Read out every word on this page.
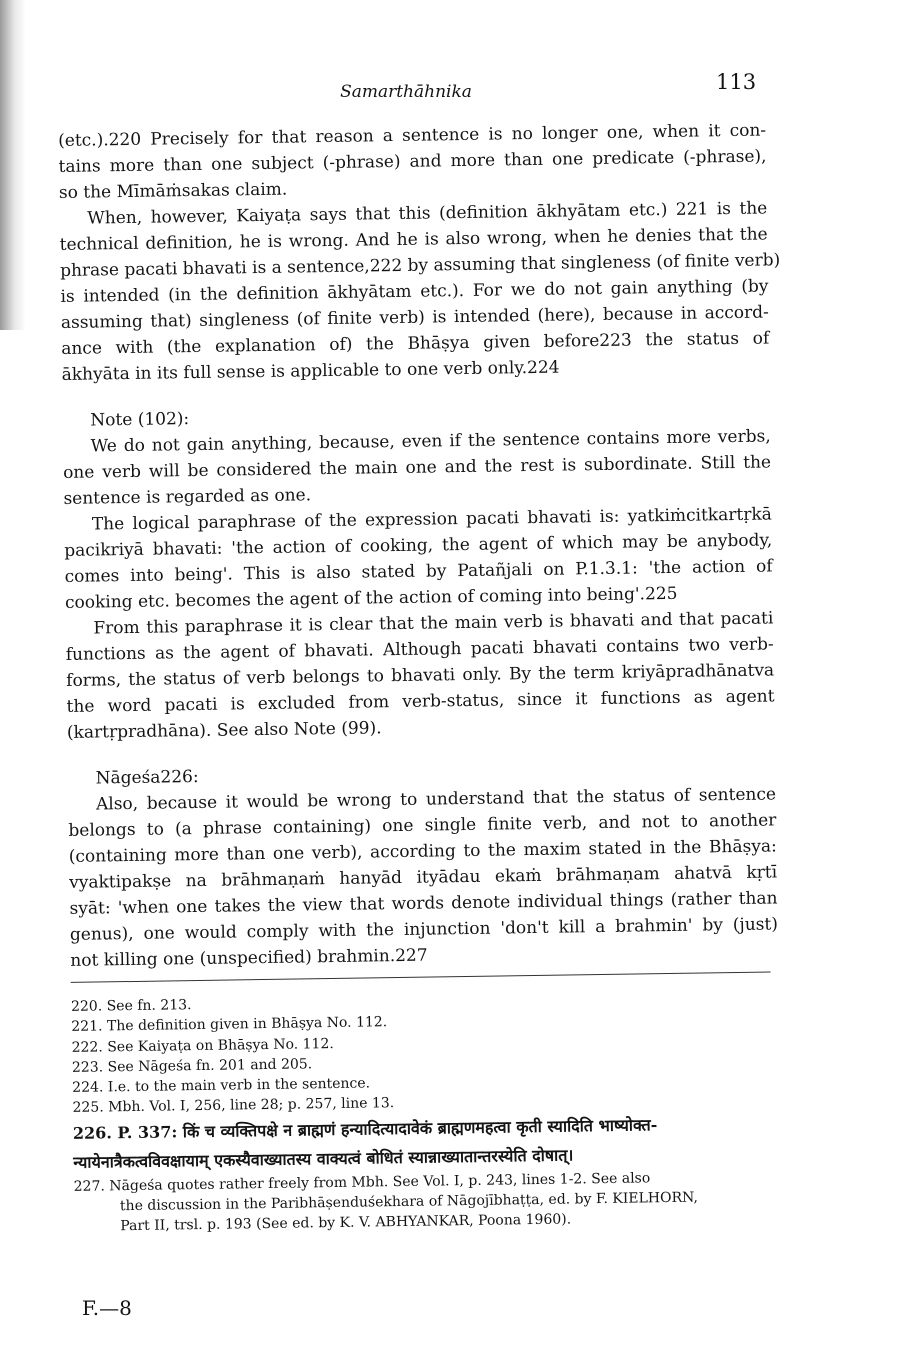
Samarthāhnika	113
(etc.).220 Precisely for that reason a sentence is no longer one, when it con-
tains more than one subject (-phrase) and more than one predicate (-phrase),
so the Mīmāṁsakas claim.
When, however, Kaiyaṭa says that this (definition ākhyātam etc.) 221 is the
technical definition, he is wrong. And he is also wrong, when he denies that the
phrase pacati bhavati is a sentence,222 by assuming that singleness (of finite verb)
is intended (in the definition ākhyātam etc.). For we do not gain anything (by
assuming that) singleness (of finite verb) is intended (here), because in accord-
ance with (the explanation of) the Bhāṣya given before223 the status of
ākhyāta in its full sense is applicable to one verb only.224
Note (102):
We do not gain anything, because, even if the sentence contains more verbs,
one verb will be considered the main one and the rest is subordinate. Still the
sentence is regarded as one.
The logical paraphrase of the expression pacati bhavati is: yatkiṁcitkartṛkā
pacikriyā bhavati: 'the action of cooking, the agent of which may be anybody,
comes into being'. This is also stated by Patañjali on P.1.3.1: 'the action of
cooking etc. becomes the agent of the action of coming into being'.225
From this paraphrase it is clear that the main verb is bhavati and that pacati
functions as the agent of bhavati. Although pacati bhavati contains two verb-
forms, the status of verb belongs to bhavati only. By the term kriyāpradhānatva
the word pacati is excluded from verb-status, since it functions as agent
(kartṛpradhāna). See also Note (99).
Nāgeśa226:
Also, because it would be wrong to understand that the status of sentence
belongs to (a phrase containing) one single finite verb, and not to another
(containing more than one verb), according to the maxim stated in the Bhāṣya:
vyaktipakṣe na brāhmaṇaṁ hanyād ityādau ekaṁ brāhmaṇam ahatvā kṛtī
syāt: 'when one takes the view that words denote individual things (rather than
genus), one would comply with the injunction 'don't kill a brahmin' by (just)
not killing one (unspecified) brahmin.227
220. See fn. 213.
221. The definition given in Bhāṣya No. 112.
222. See Kaiyaṭa on Bhāṣya No. 112.
223. See Nāgeśa fn. 201 and 205.
224. I.e. to the main verb in the sentence.
225. Mbh. Vol. I, 256, line 28; p. 257, line 13.
226. P. 337: किं च व्यक्तिपक्षे न ब्राह्मणं हन्यादित्यादावेकं ब्राह्मणमहत्वा कृती स्यादिति भाष्योक्त-
न्यायेनात्रैकत्वविवक्षायाम् एकस्यैवाख्यातस्य वाक्यत्वं बोधितं स्यान्नाख्यातान्तरस्येति दोषात्।
227. Nāgeśa quotes rather freely from Mbh. See Vol. I, p. 243, lines 1-2. See also
the discussion in the Paribhāṣenduśekhara of Nāgojībhaṭṭa, ed. by F. KIELHORN,
Part II, trsl. p. 193 (See ed. by K. V. ABHYANKAR, Poona 1960).
F.—8
